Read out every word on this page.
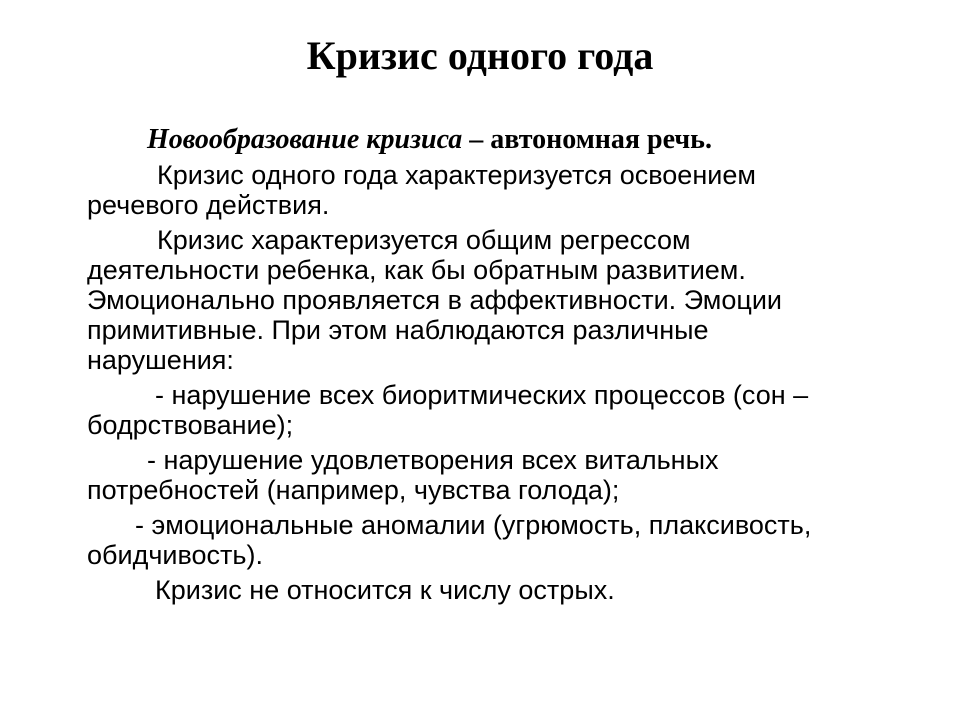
Кризис одного года
Новообразование кризиса – автономная речь.
Кризис одного года характеризуется освоением
речевого действия.
Кризис характеризуется общим регрессом
деятельности ребенка, как бы обратным развитием.
Эмоционально проявляется в аффективности. Эмоции
примитивные. При этом наблюдаются различные
нарушения:
- нарушение всех биоритмических процессов (сон –
бодрствование);
- нарушение удовлетворения всех витальных
потребностей (например, чувства голода);
- эмоциональные аномалии (угрюмость, плаксивость,
обидчивость).
Кризис не относится к числу острых.
